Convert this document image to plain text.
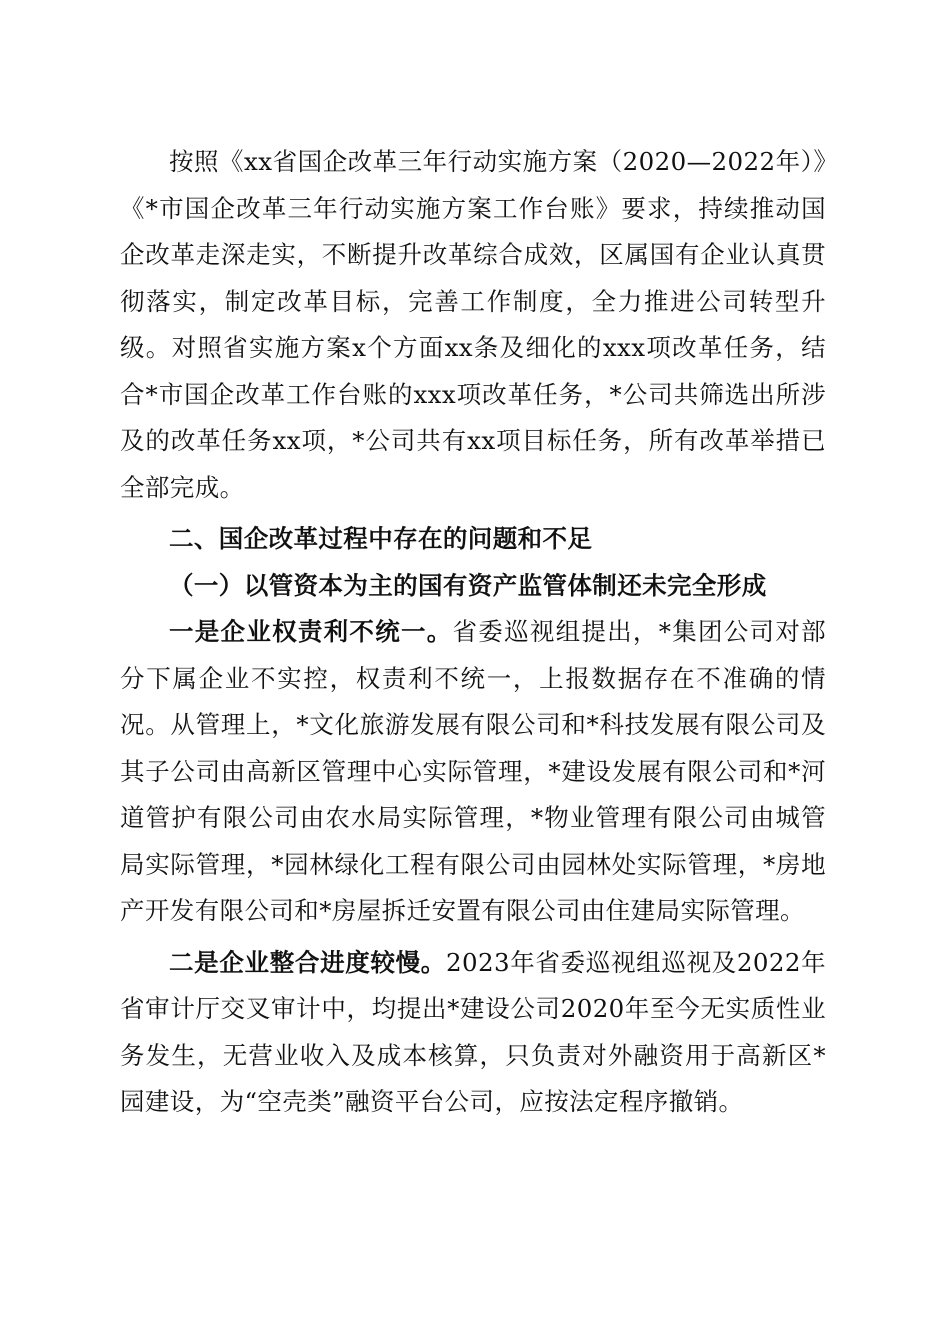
按照《xx省国企改革三年行动实施方案（2020—2022年）》《*市国企改革三年行动实施方案工作台账》要求，持续推动国企改革走深走实，不断提升改革综合成效，区属国有企业认真贯彻落实，制定改革目标，完善工作制度，全力推进公司转型升级。对照省实施方案x个方面xx条及细化的xxx项改革任务，结合*市国企改革工作台账的xxx项改革任务，*公司共筛选出所涉及的改革任务xx项，*公司共有xx项目标任务，所有改革举措已全部完成。

二、国企改革过程中存在的问题和不足

（一）以管资本为主的国有资产监管体制还未完全形成

一是企业权责利不统一。省委巡视组提出，*集团公司对部分下属企业不实控，权责利不统一，上报数据存在不准确的情况。从管理上，*文化旅游发展有限公司和*科技发展有限公司及其子公司由高新区管理中心实际管理，*建设发展有限公司和*河道管护有限公司由农水局实际管理，*物业管理有限公司由城管局实际管理，*园林绿化工程有限公司由园林处实际管理，*房地产开发有限公司和*房屋拆迁安置有限公司由住建局实际管理。

二是企业整合进度较慢。2023年省委巡视组巡视及2022年省审计厅交叉审计中，均提出*建设公司2020年至今无实质性业务发生，无营业收入及成本核算，只负责对外融资用于高新区*园建设，为“空壳类”融资平台公司，应按法定程序撤销。
